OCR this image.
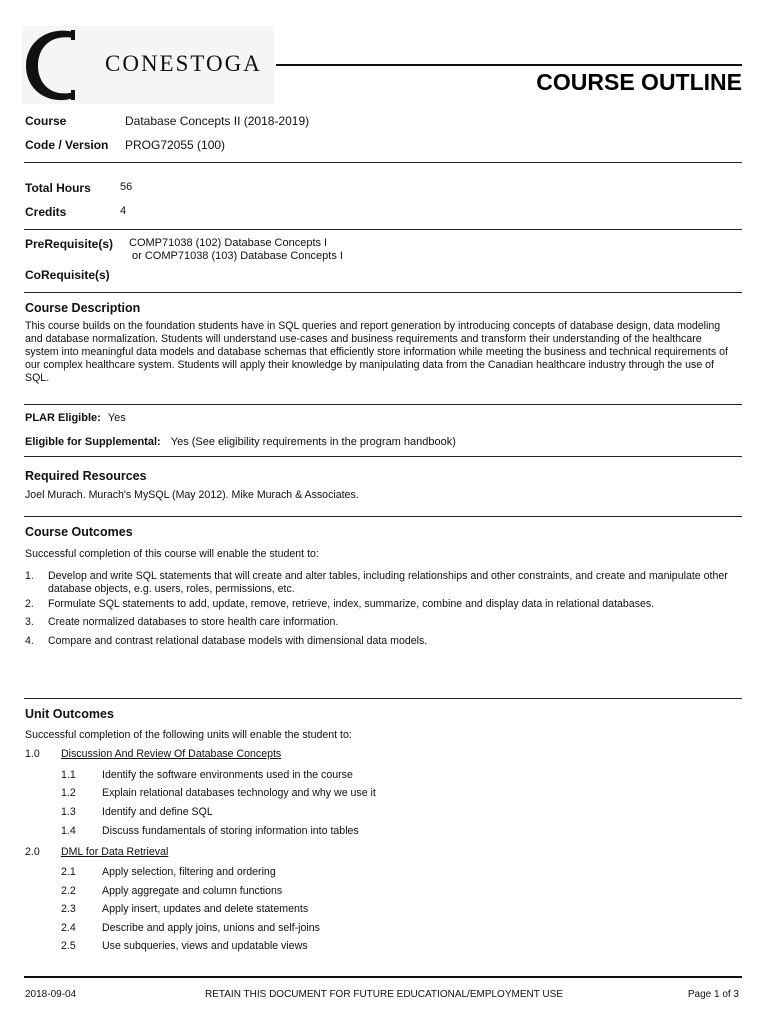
CONESTOGA
COURSE OUTLINE
Course	Database Concepts II (2018-2019)
Code / Version PROG72055 (100)
Total Hours	56
Credits	4
PreRequisite(s) COMP71038 (102) Database Concepts I
or COMP71038 (103) Database Concepts I
CoRequisite(s)
Course Description
This course builds on the foundation students have in SQL queries and report generation by introducing concepts of database design, data modeling and database normalization. Students will understand use-cases and business requirements and transform their understanding of the healthcare system into meaningful data models and database schemas that efficiently store information while meeting the business and technical requirements of our complex healthcare system. Students will apply their knowledge by manipulating data from the Canadian healthcare industry through the use of SQL.
PLAR Eligible: Yes
Eligible for Supplemental: Yes (See eligibility requirements in the program handbook)
Required Resources
Joel Murach. Murach's MySQL (May 2012). Mike Murach & Associates.
Course Outcomes
Successful completion of this course will enable the student to:
1. Develop and write SQL statements that will create and alter tables, including relationships and other constraints, and create and manipulate other database objects, e.g. users, roles, permissions, etc.
2. Formulate SQL statements to add, update, remove, retrieve, index, summarize, combine and display data in relational databases.
3. Create normalized databases to store health care information.
4. Compare and contrast relational database models with dimensional data models.
Unit Outcomes
Successful completion of the following units will enable the student to:
1.0 Discussion And Review Of Database Concepts
1.1 Identify the software environments used in the course
1.2 Explain relational databases technology and why we use it
1.3 Identify and define SQL
1.4 Discuss fundamentals of storing information into tables
2.0 DML for Data Retrieval
2.1 Apply selection, filtering and ordering
2.2 Apply aggregate and column functions
2.3 Apply insert, updates and delete statements
2.4 Describe and apply joins, unions and self-joins
2.5 Use subqueries, views and updatable views
2018-09-04	RETAIN THIS DOCUMENT FOR FUTURE EDUCATIONAL/EMPLOYMENT USE	Page 1 of 3
